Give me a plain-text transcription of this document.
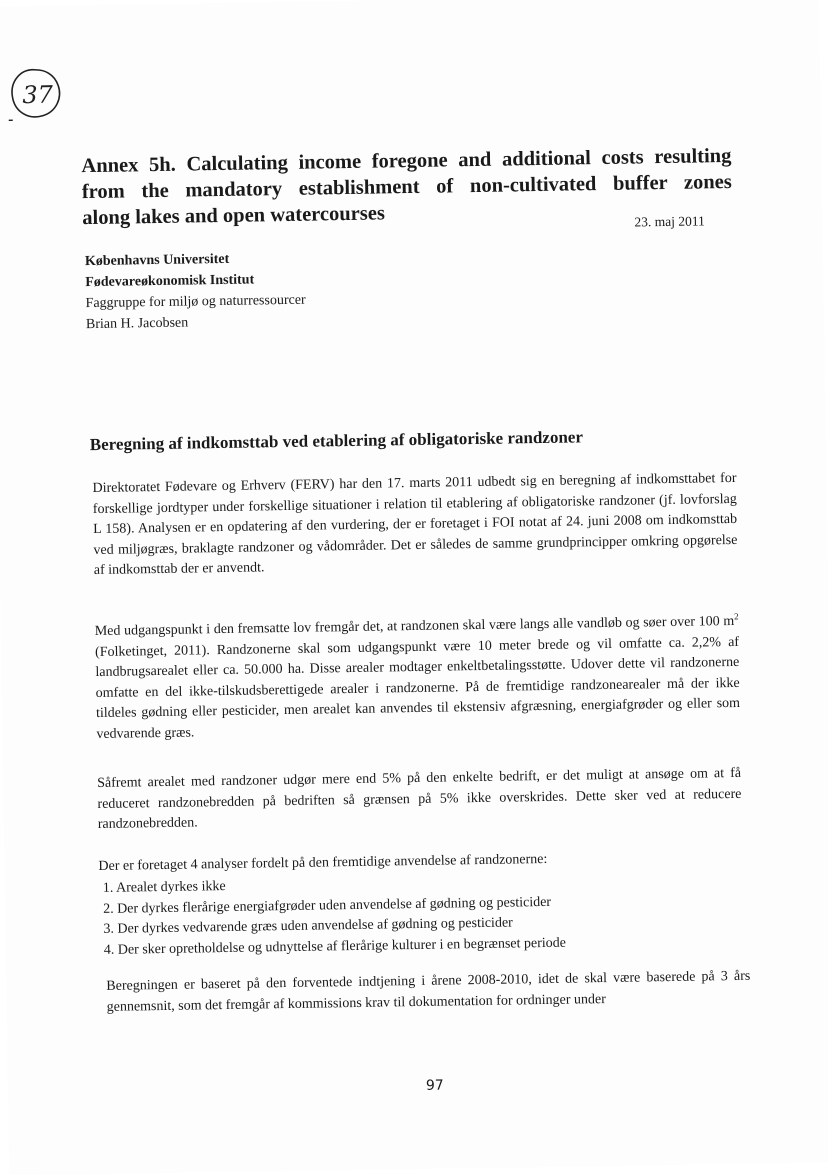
37
Annex 5h. Calculating income foregone and additional costs resulting
from the mandatory establishment of non-cultivated buffer zones
along lakes and open watercourses	23. maj 2011
Københavns Universitet
Fødevareøkonomisk Institut
Faggruppe for miljø og naturressourcer
Brian H. Jacobsen
Beregning af indkomsttab ved etablering af obligatoriske randzoner

Direktoratet Fødevare og Erhverv (FERV) har den 17. marts 2011 udbedt sig en beregning af indkomsttabet for forskellige jordtyper under forskellige situationer i relation til etablering af obligatoriske randzoner (jf. lovforslag L 158). Analysen er en opdatering af den vurdering, der er foretaget i FOI notat af 24. juni 2008 om indkomsttab ved miljøgræs, braklagte randzoner og vådområder. Det er således de samme grundprincipper omkring opgørelse af indkomsttab der er anvendt.

Med udgangspunkt i den fremsatte lov fremgår det, at randzonen skal være langs alle vandløb og søer over 100 $m^2$ (Folketinget, 2011). Randzonerne skal som udgangspunkt være 10 meter brede og vil omfatte ca. 2,2% af landbrugsarealet eller ca. 50.000 ha. Disse arealer modtager enkeltbetalingsstøtte. Udover dette vil randzonerne omfatte en del ikke-tilskudsberettigede arealer i randzonerne. På de fremtidige randzonearealer må der ikke tildeles gødning eller pesticider, men arealet kan anvendes til ekstensiv afgræsning, energiafgrøder og eller som vedvarende græs.

Såfremt arealet med randzoner udgør mere end 5% på den enkelte bedrift, er det muligt at ansøge om at få reduceret randzonebredden på bedriften så grænsen på 5% ikke overskrides. Dette sker ved at reducere randzonebredden.

Der er foretaget 4 analyser fordelt på den fremtidige anvendelse af randzonerne:

1. Arealet dyrkes ikke
2. Der dyrkes flerårige energiafgrøder uden anvendelse af gødning og pesticider
3. Der dyrkes vedvarende græs uden anvendelse af gødning og pesticider
4. Der sker opretholdelse og udnyttelse af flerårige kulturer i en begrænset periode

Beregningen er baseret på den forventede indtjening i årene 2008-2010, idet de skal være baserede på 3 års gennemsnit, som det fremgår af kommissions krav til dokumentation for ordninger under

97
